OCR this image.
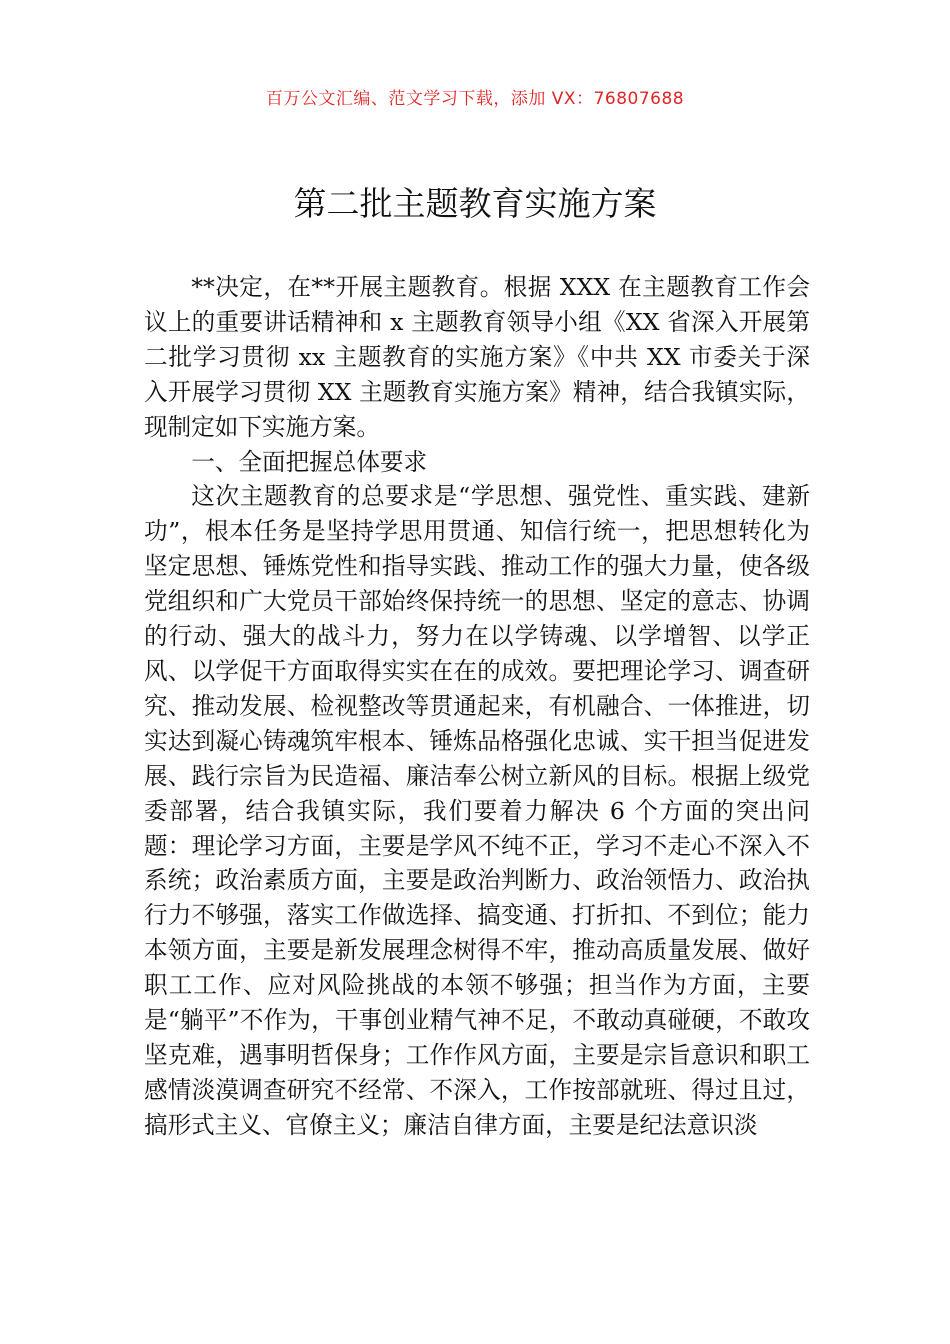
百万公文汇编、范文学习下载，添加 VX：76807688
第二批主题教育实施方案

**决定，在**开展主题教育。根据 XXX 在主题教育工作会议上的重要讲话精神和 x 主题教育领导小组《XX 省深入开展第二批学习贯彻 xx 主题教育的实施方案》《中共 XX 市委关于深入开展学习贯彻 XX 主题教育实施方案》精神，结合我镇实际，现制定如下实施方案。

一、全面把握总体要求

这次主题教育的总要求是“学思想、强党性、重实践、建新功”，根本任务是坚持学思用贯通、知信行统一，把思想转化为坚定思想、锤炼党性和指导实践、推动工作的强大力量，使各级党组织和广大党员干部始终保持统一的思想、坚定的意志、协调的行动、强大的战斗力，努力在以学铸魂、以学增智、以学正风、以学促干方面取得实实在在的成效。要把理论学习、调查研究、推动发展、检视整改等贯通起来，有机融合、一体推进，切实达到凝心铸魂筑牢根本、锤炼品格强化忠诚、实干担当促进发展、践行宗旨为民造福、廉洁奉公树立新风的目标。根据上级党委部署，结合我镇实际，我们要着力解决 6 个方面的突出问题：理论学习方面，主要是学风不纯不正，学习不走心不深入不系统；政治素质方面，主要是政治判断力、政治领悟力、政治执行力不够强，落实工作做选择、搞变通、打折扣、不到位；能力本领方面，主要是新发展理念树得不牢，推动高质量发展、做好职工工作、应对风险挑战的本领不够强；担当作为方面，主要是“躺平”不作为，干事创业精气神不足，不敢动真碰硬，不敢攻坚克难，遇事明哲保身；工作作风方面，主要是宗旨意识和职工感情淡漠调查研究不经常、不深入，工作按部就班、得过且过，搞形式主义、官僚主义；廉洁自律方面，主要是纪法意识淡
